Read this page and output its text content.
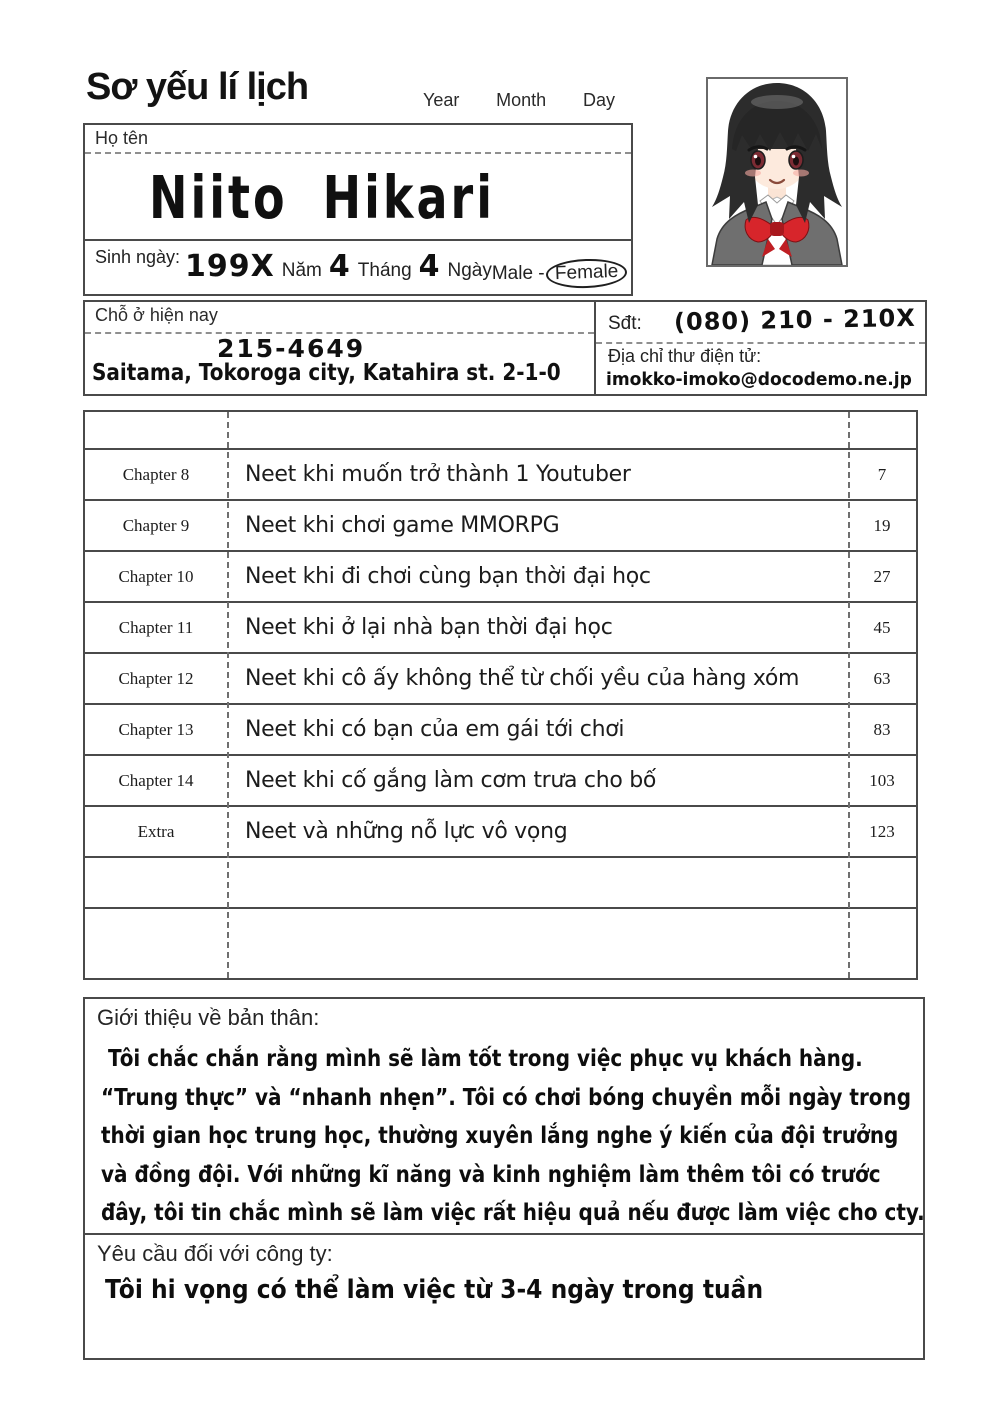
Sơ yếu lí lịch	Year Month Day
Họ tên
Niito Hikari
Sinh ngày: 199X Năm 4 Tháng 4 Ngày Male - Female
Chỗ ở hiện nay
215-4649
Saitama, Tokoroga city, Katahira st. 2-1-0
Sđt: (080) 210 - 210X
Địa chỉ thư điện tử:
imokko-imoko@docodemo.ne.jp
Chapter 8	Neet khi muốn trở thành 1 Youtuber	7
Chapter 9	Neet khi chơi game MMORPG	19
Chapter 10	Neet khi đi chơi cùng bạn thời đại học	27
Chapter 11	Neet khi ở lại nhà bạn thời đại học	45
Chapter 12	Neet khi cô ấy không thể từ chối yều của hàng xóm	63
Chapter 13	Neet khi có bạn của em gái tới chơi	83
Chapter 14	Neet khi cố gắng làm cơm trưa cho bố	103
Extra	Neet và những nỗ lực vô vọng	123
Giới thiệu về bản thân:
Tôi chắc chắn rằng mình sẽ làm tốt trong việc phục vụ khách hàng.
“Trung thực” và “nhanh nhẹn”. Tôi có chơi bóng chuyền mỗi ngày trong
thời gian học trung học, thường xuyên lắng nghe ý kiến của đội trưởng
và đồng đội. Với những kĩ năng và kinh nghiệm làm thêm tôi có trước
đây, tôi tin chắc mình sẽ làm việc rất hiệu quả nếu được làm việc cho cty.
Yêu cầu đối với công ty:
Tôi hi vọng có thể làm việc từ 3-4 ngày trong tuần
